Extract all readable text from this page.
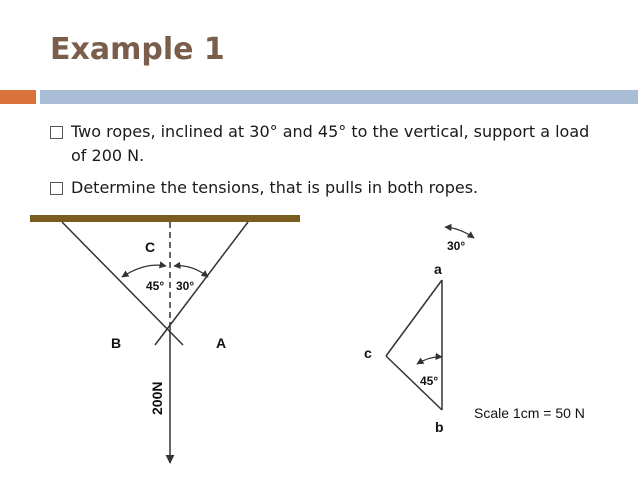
Example 1
Two ropes, inclined at 30° and 45° to the vertical, support a load of 200 N.
Determine the tensions, that is pulls in both ropes.
C
45° 30°
B	A
200N
30°
a
c
45°
b
Scale 1cm = 50 N
